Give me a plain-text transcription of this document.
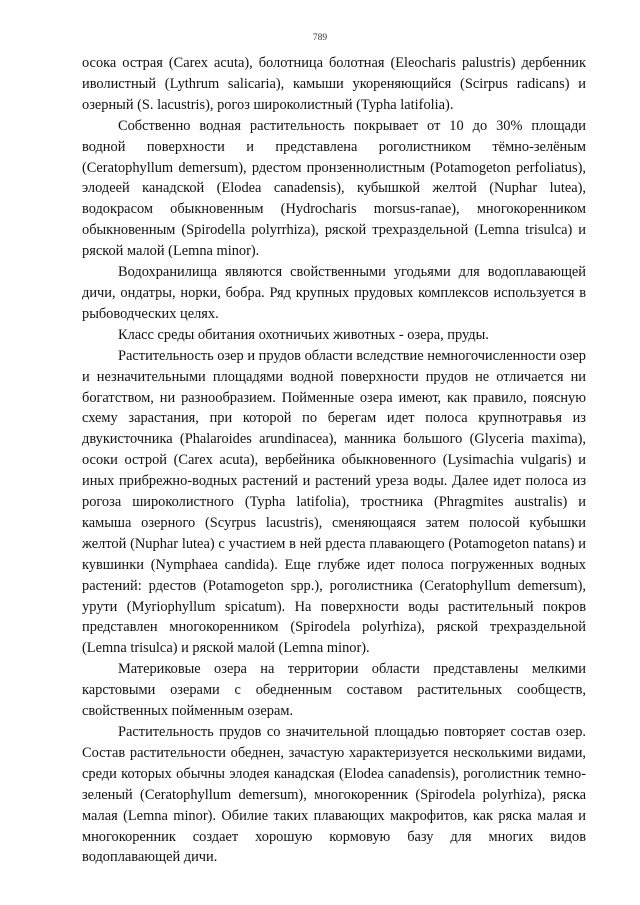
789

осока острая (Carex acuta), болотница болотная (Eleocharis palustris) дербенник иволистный (Lythrum salicaria), камыши укореняющийся (Scirpus radicans) и озерный (S. lacustris), рогоз широколистный (Typha latifolia).

Собственно водная растительность покрывает от 10 до 30% площади водной поверхности и представлена роголистником тёмно-зелёным (Ceratophyllum demersum), рдестом пронзеннолистным (Potamogeton perfoliatus), элодеей канадской (Elodea canadensis), кубышкой желтой (Nuphar lutea), водокрасом обыкновенным (Hydrocharis morsus-ranae), многокоренником обыкновенным (Spirodella polyrrhiza), ряской трехраздельной (Lemna trisulca) и ряской малой (Lemna minor).

Водохранилища являются свойственными угодьями для водоплавающей дичи, ондатры, норки, бобра. Ряд крупных прудовых комплексов используется в рыбоводческих целях.

Класс среды обитания охотничьих животных - озера, пруды.

Растительность озер и прудов области вследствие немногочисленности озер и незначительными площадями водной поверхности прудов не отличается ни богатством, ни разнообразием. Пойменные озера имеют, как правило, поясную схему зарастания, при которой по берегам идет полоса крупнотравья из двукисточника (Phalaroides arundinacea), манника большого (Glyceria maxima), осоки острой (Carex acuta), вербейника обыкновенного (Lysimachia vulgaris) и иных прибрежно-водных растений и растений уреза воды. Далее идет полоса из рогоза широколистного (Typha latifolia), тростника (Phragmites australis) и камыша озерного (Scyrpus lacustris), сменяющаяся затем полосой кубышки желтой (Nuphar lutea) с участием в ней рдеста плавающего (Potamogeton natans) и кувшинки (Nymphaea candida). Еще глубже идет полоса погруженных водных растений: рдестов (Potamogeton spp.), роголистника (Ceratophyllum demersum), урути (Myriophyllum spicatum). На поверхности воды растительный покров представлен многокоренником (Spirodela polyrhiza), ряской трехраздельной (Lemna trisulca) и ряской малой (Lemna minor).

Материковые озера на территории области представлены мелкими карстовыми озерами с обедненным составом растительных сообществ, свойственных пойменным озерам.

Растительность прудов со значительной площадью повторяет состав озер. Состав растительности обеднен, зачастую характеризуется несколькими видами, среди которых обычны элодея канадская (Elodea canadensis), роголистник темно-зеленый (Ceratophyllum demersum), многокоренник (Spirodela polyrhiza), ряска малая (Lemna minor). Обилие таких плавающих макрофитов, как ряска малая и многокоренник создает хорошую кормовую базу для многих видов водоплавающей дичи.
